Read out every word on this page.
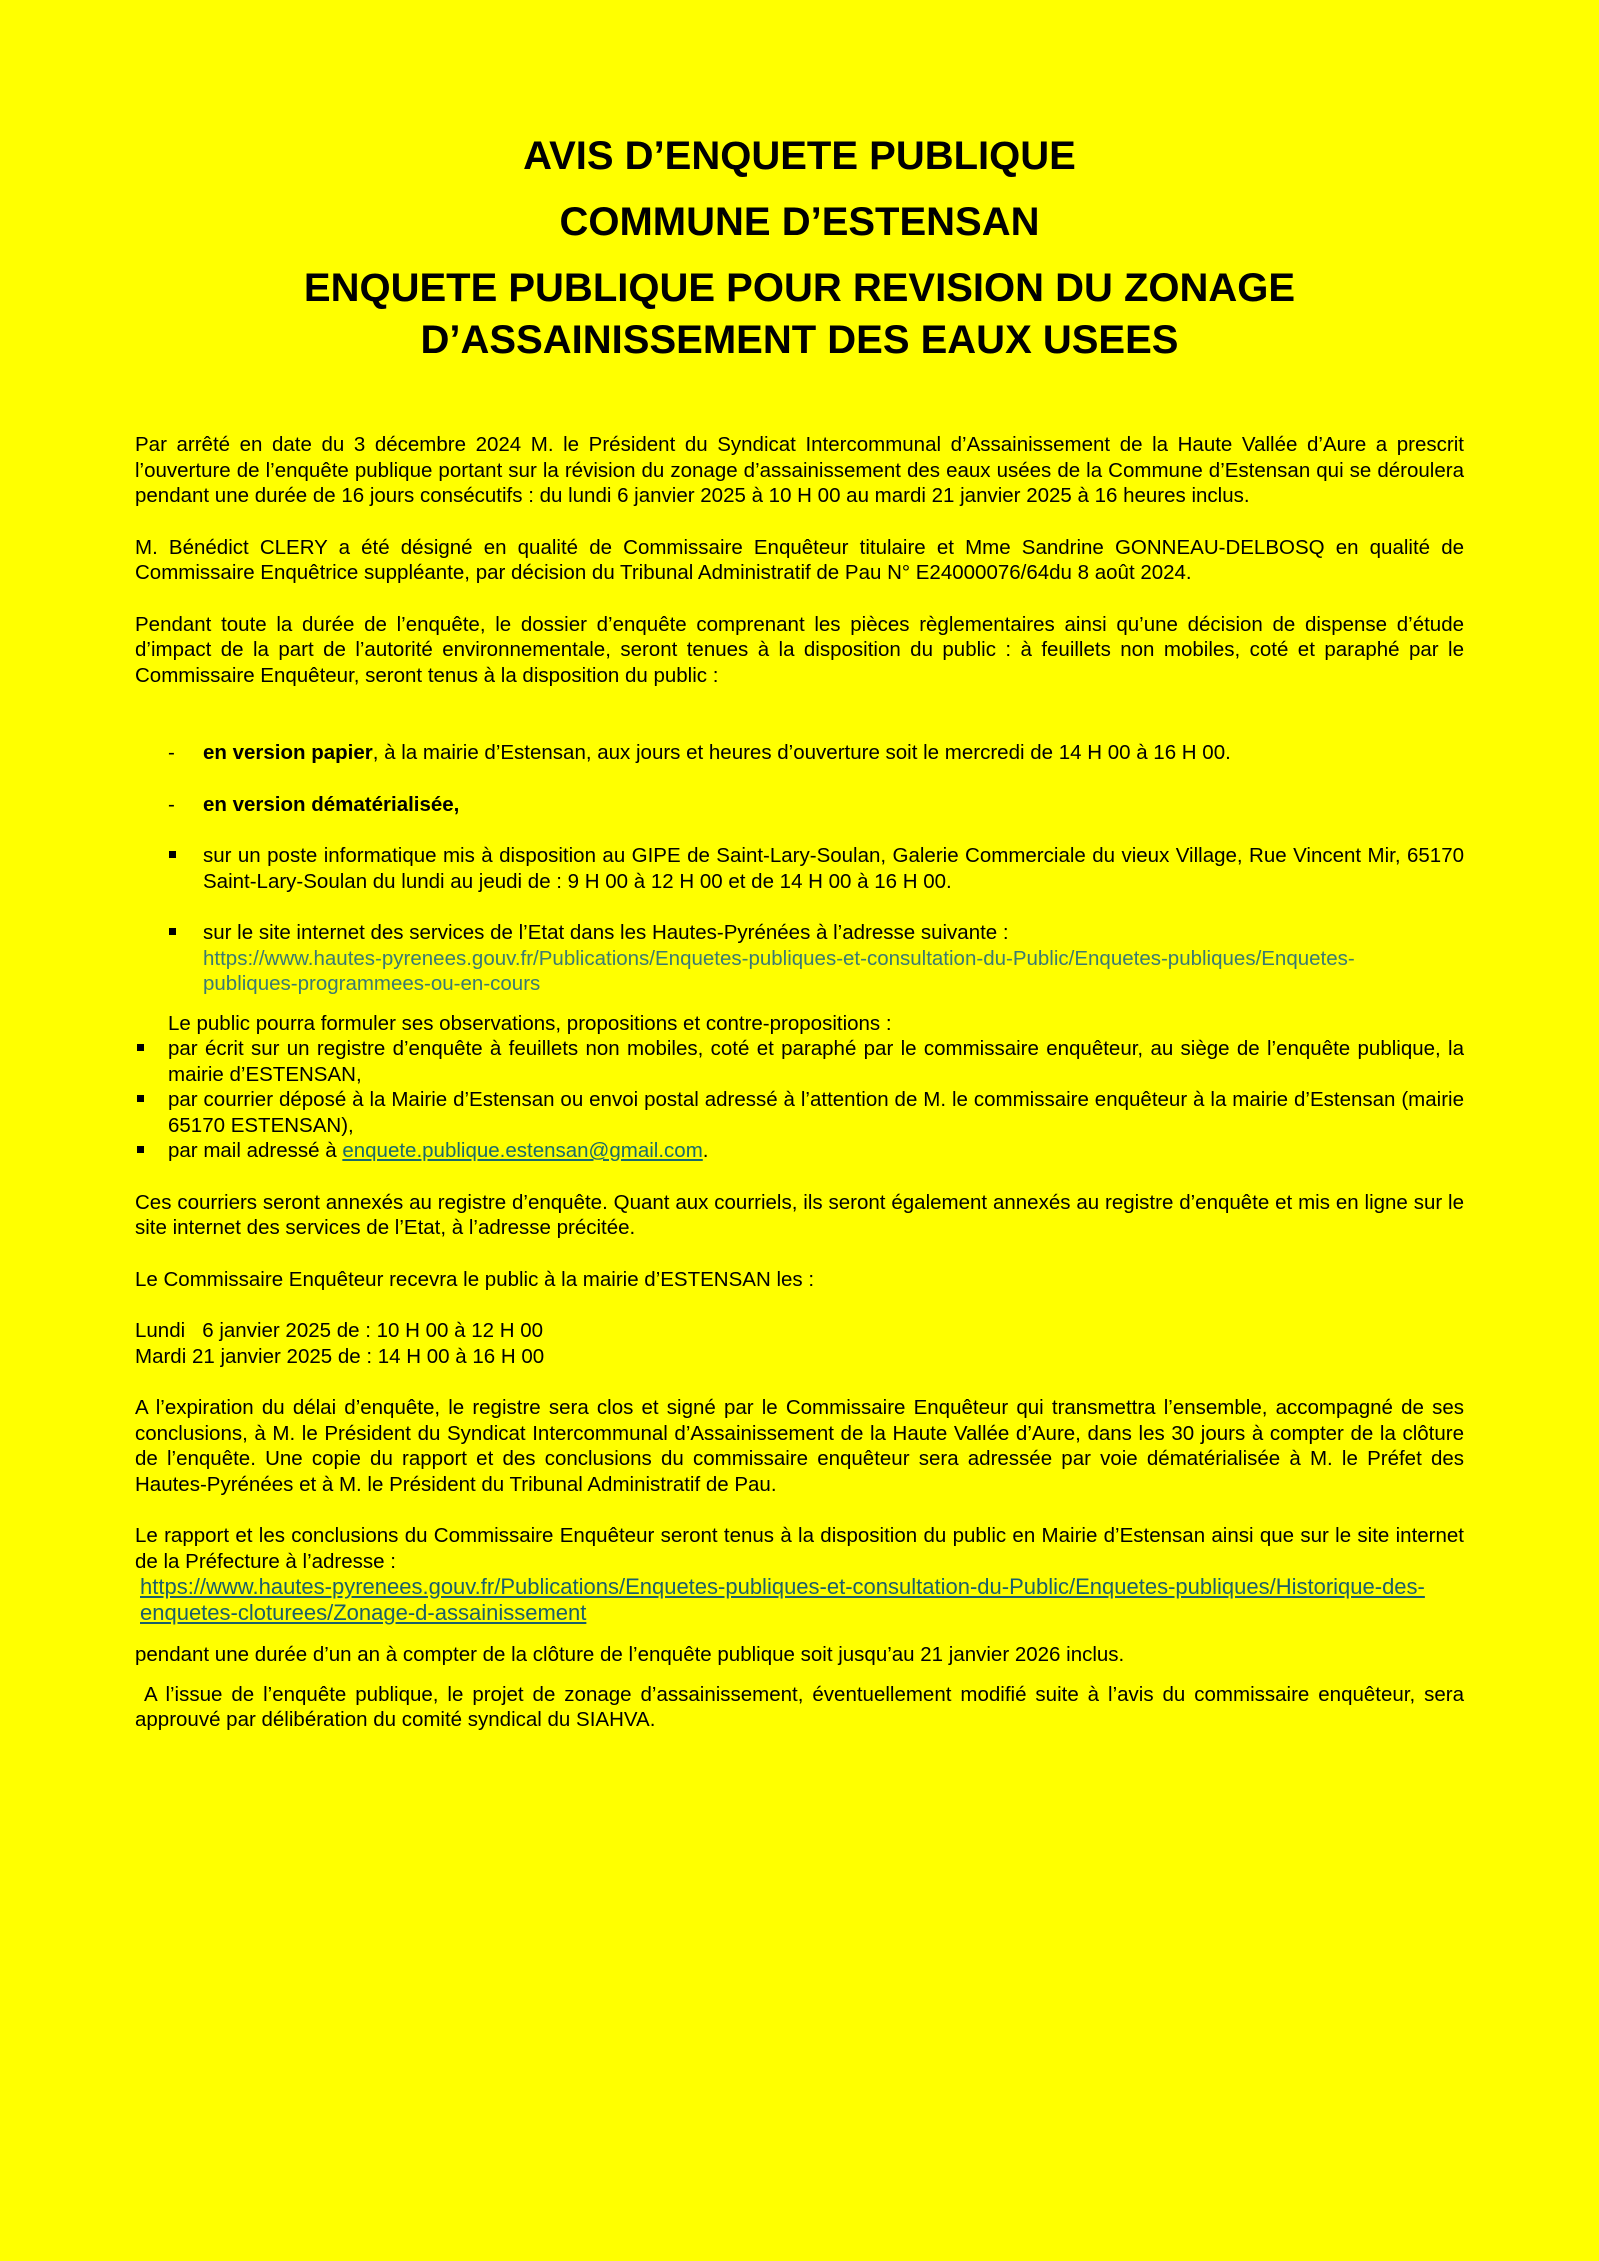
AVIS D’ENQUETE PUBLIQUE
COMMUNE D’ESTENSAN
ENQUETE PUBLIQUE POUR REVISION DU ZONAGE
D’ASSAINISSEMENT DES EAUX USEES

Par arrêté en date du 3 décembre 2024 M. le Président du Syndicat Intercommunal d’Assainissement de la Haute Vallée d’Aure a prescrit l’ouverture de l’enquête publique portant sur la révision du zonage d’assainissement des eaux usées de la Commune d’Estensan qui se déroulera pendant une durée de 16 jours consécutifs : du lundi 6 janvier 2025 à 10 H 00 au mardi 21 janvier 2025 à 16 heures inclus.

M. Bénédict CLERY a été désigné en qualité de Commissaire Enquêteur titulaire et Mme Sandrine GONNEAU-DELBOSQ en qualité de Commissaire Enquêtrice suppléante, par décision du Tribunal Administratif de Pau N° E24000076/64du 8 août 2024.

Pendant toute la durée de l’enquête, le dossier d’enquête comprenant les pièces règlementaires ainsi qu’une décision de dispense d’étude d’impact de la part de l’autorité environnementale, seront tenues à la disposition du public : à feuillets non mobiles, coté et paraphé par le Commissaire Enquêteur, seront tenus à la disposition du public :

- en version papier, à la mairie d’Estensan, aux jours et heures d’ouverture soit le mercredi de 14 H 00 à 16 H 00.
- en version dématérialisée,
sur un poste informatique mis à disposition au GIPE de Saint-Lary-Soulan, Galerie Commerciale du vieux Village, Rue Vincent Mir, 65170 Saint-Lary-Soulan du lundi au jeudi de : 9 H 00 à 12 H 00 et de 14 H 00 à 16 H 00.
sur le site internet des services de l’Etat dans les Hautes-Pyrénées à l’adresse suivante :
https://www.hautes-pyrenees.gouv.fr/Publications/Enquetes-publiques-et-consultation-du-Public/Enquetes-publiques/Enquetes-
publiques-programmees-ou-en-cours

Le public pourra formuler ses observations, propositions et contre-propositions :

par écrit sur un registre d’enquête à feuillets non mobiles, coté et paraphé par le commissaire enquêteur, au siège de l’enquête publique, la mairie d’ESTENSAN,
par courrier déposé à la Mairie d’Estensan ou envoi postal adressé à l’attention de M. le commissaire enquêteur à la mairie d’Estensan (mairie 65170 ESTENSAN),
par mail adressé à enquete.publique.estensan@gmail.com.

Ces courriers seront annexés au registre d’enquête. Quant aux courriels, ils seront également annexés au registre d’enquête et mis en ligne sur le site internet des services de l’Etat, à l’adresse précitée.

Le Commissaire Enquêteur recevra le public à la mairie d’ESTENSAN les :

Lundi   6 janvier 2025 de : 10 H 00 à 12 H 00
Mardi 21 janvier 2025 de : 14 H 00 à 16 H 00

A l’expiration du délai d’enquête, le registre sera clos et signé par le Commissaire Enquêteur qui transmettra l’ensemble, accompagné de ses conclusions, à M. le Président du Syndicat Intercommunal d’Assainissement de la Haute Vallée d’Aure, dans les 30 jours à compter de la clôture de l’enquête. Une copie du rapport et des conclusions du commissaire enquêteur sera adressée par voie dématérialisée à M. le Préfet des Hautes-Pyrénées et à M. le Président du Tribunal Administratif de Pau.

Le rapport et les conclusions du Commissaire Enquêteur seront tenus à la disposition du public en Mairie d’Estensan ainsi que sur le site internet de la Préfecture à l’adresse :

https://www.hautes-pyrenees.gouv.fr/Publications/Enquetes-publiques-et-consultation-du-Public/Enquetes-publiques/Historique-des-
enquetes-cloturees/Zonage-d-assainissement

pendant une durée d’un an à compter de la clôture de l’enquête publique soit jusqu’au 21 janvier 2026 inclus.

A l’issue de l’enquête publique, le projet de zonage d’assainissement, éventuellement modifié suite à l’avis du commissaire enquêteur, sera approuvé par délibération du comité syndical du SIAHVA.
